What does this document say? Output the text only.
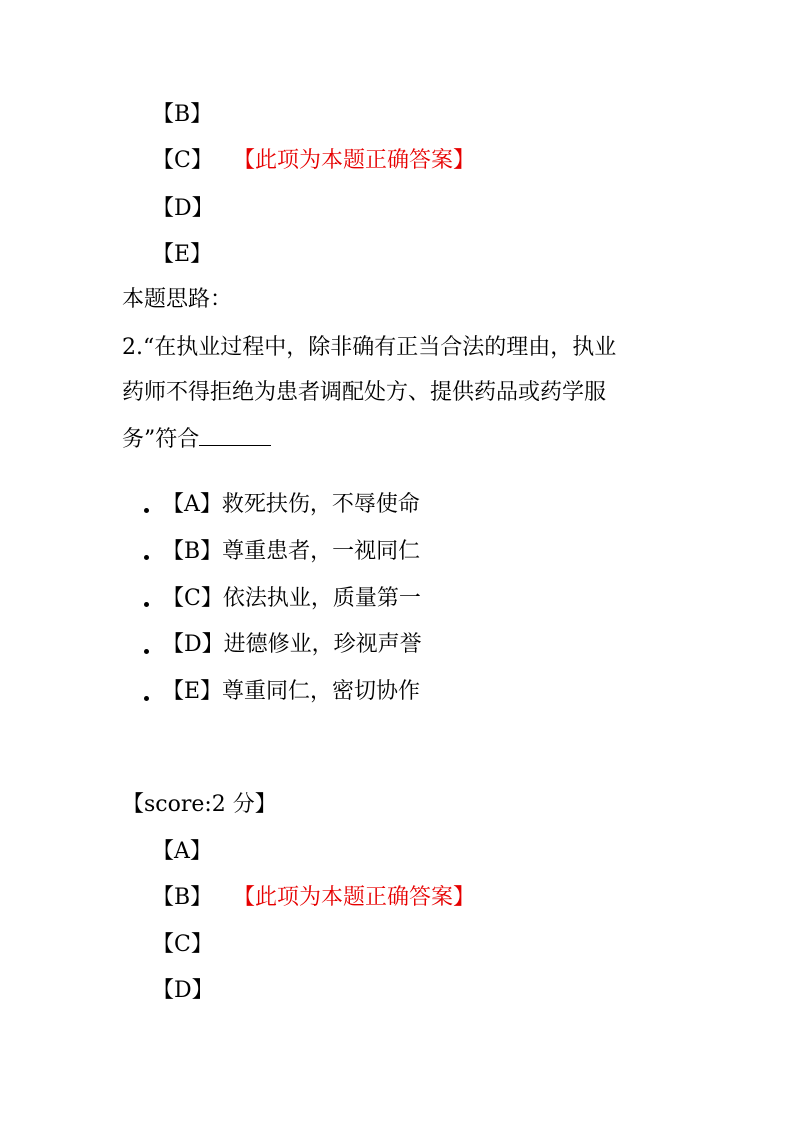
【B】
【C】 【此项为本题正确答案】
【D】
【E】
本题思路：
2.“在执业过程中，除非确有正当合法的理由，执业
药师不得拒绝为患者调配处方、提供药品或药学服
务”符合
【A】救死扶伤，不辱使命
【B】尊重患者，一视同仁
【C】依法执业，质量第一
【D】进德修业，珍视声誉
【E】尊重同仁，密切协作
【score:2 分】
【A】
【B】 【此项为本题正确答案】
【C】
【D】
